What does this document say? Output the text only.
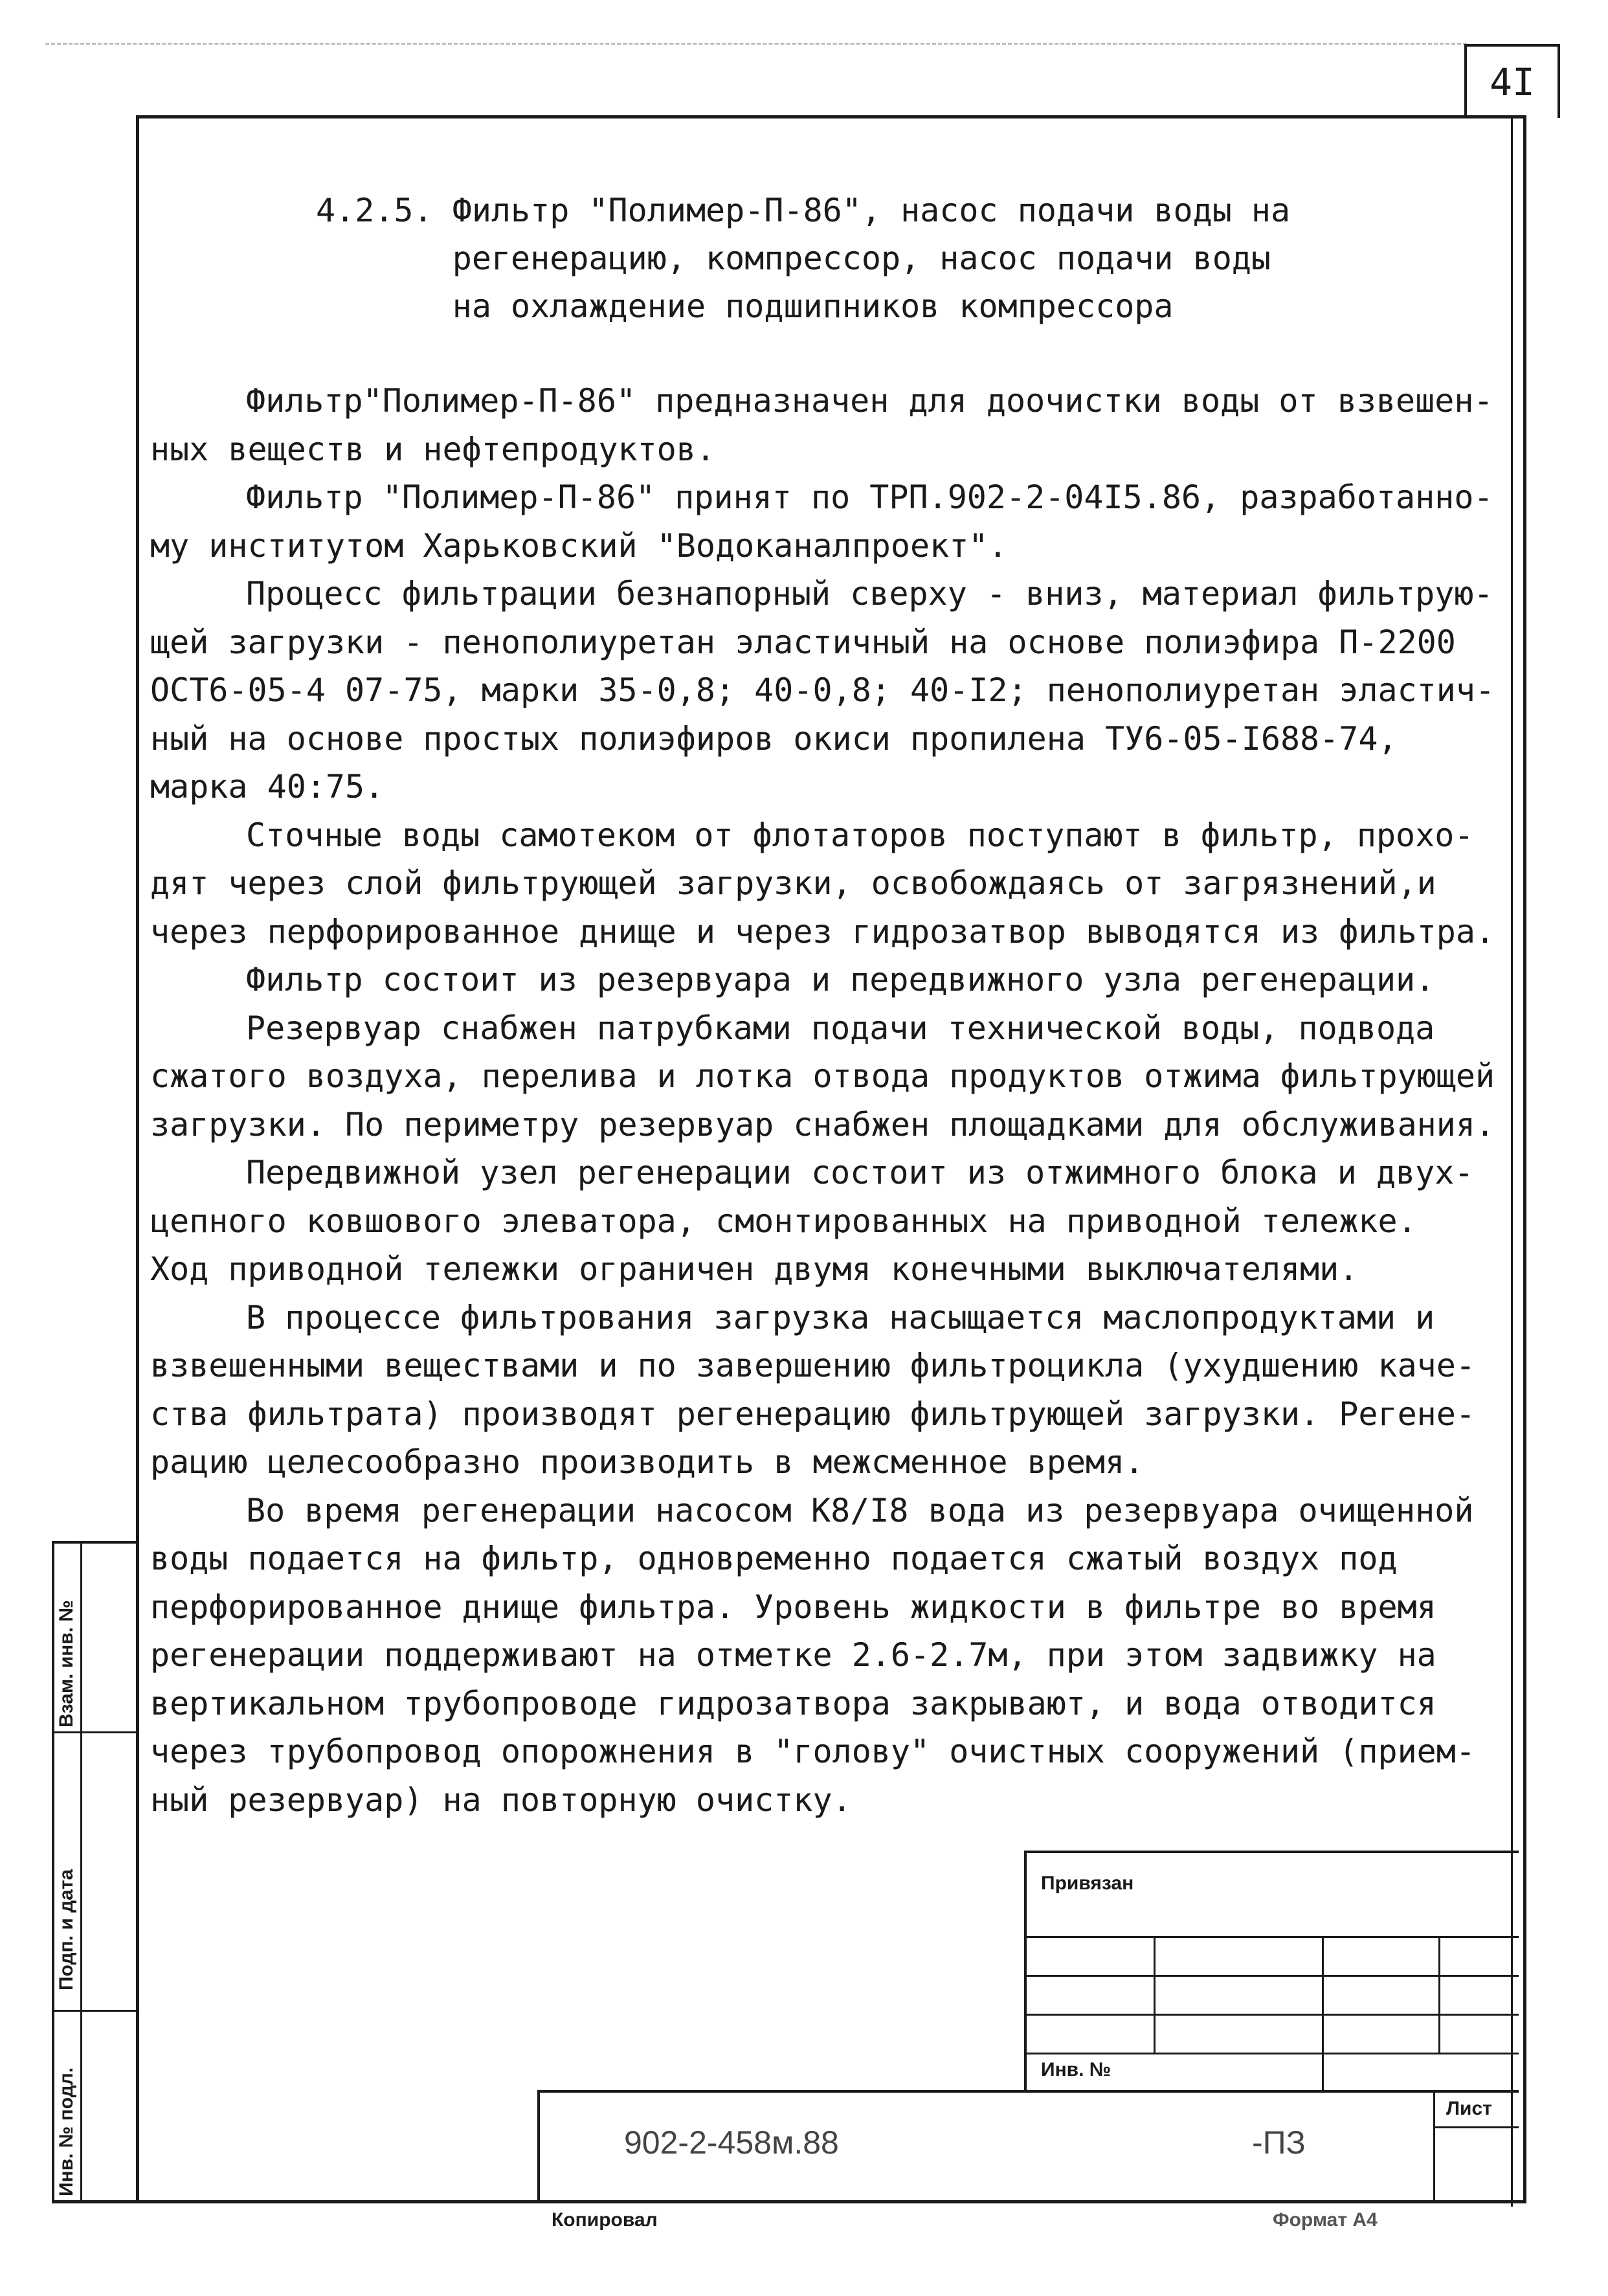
4I
4.2.5. Фильтр "Полимер-П-86", насос подачи воды на
регенерацию, компрессор, насос подачи воды
на охлаждение подшипников компрессора
Фильтр"Полимер-П-86" предназначен для доочистки воды от взвешен-
ных веществ и нефтепродуктов.
Фильтр "Полимер-П-86" принят по ТРП.902-2-04I5.86, разработанно-
му институтом Харьковский "Водоканалпроект".
Процесс фильтрации безнапорный сверху - вниз, материал фильтрую-
щей загрузки - пенополиуретан эластичный на основе полиэфира П-2200
ОСТ6-05-4 07-75, марки 35-0,8; 40-0,8; 40-I2; пенополиуретан эластич-
ный на основе простых полиэфиров окиси пропилена ТУ6-05-I688-74,
марка 40:75.
Сточные воды самотеком от флотаторов поступают в фильтр, прохо-
дят через слой фильтрующей загрузки, освобождаясь от загрязнений,и
через перфорированное днище и через гидрозатвор выводятся из фильтра.
Фильтр состоит из резервуара и передвижного узла регенерации.
Резервуар снабжен патрубками подачи технической воды, подвода
сжатого воздуха, перелива и лотка отвода продуктов отжима фильтрующей
загрузки. По периметру резервуар снабжен площадками для обслуживания.
Передвижной узел регенерации состоит из отжимного блока и двух-
цепного ковшового элеватора, смонтированных на приводной тележке.
Ход приводной тележки ограничен двумя конечными выключателями.
В процессе фильтрования загрузка насыщается маслопродуктами и
взвешенными веществами и по завершению фильтроцикла (ухудшению каче-
ства фильтрата) производят регенерацию фильтрующей загрузки. Регене-
рацию целесообразно производить в межсменное время.
Во время регенерации насосом К8/I8 вода из резервуара очищенной
воды подается на фильтр, одновременно подается сжатый воздух под
перфорированное днище фильтра. Уровень жидкости в фильтре во время
регенерации поддерживают на отметке 2.6-2.7м, при этом задвижку на
вертикальном трубопроводе гидрозатвора закрывают, и вода отводится
через трубопровод опорожнения в "голову" очистных сооружений (прием-
ный резервуар) на повторную очистку.
Взам. инв. №
Подп. и дата
Инв. № подл.
Привязан
Инв. №
902-2-458м.88	-ПЗ
Лист
Копировал	Формат А4
